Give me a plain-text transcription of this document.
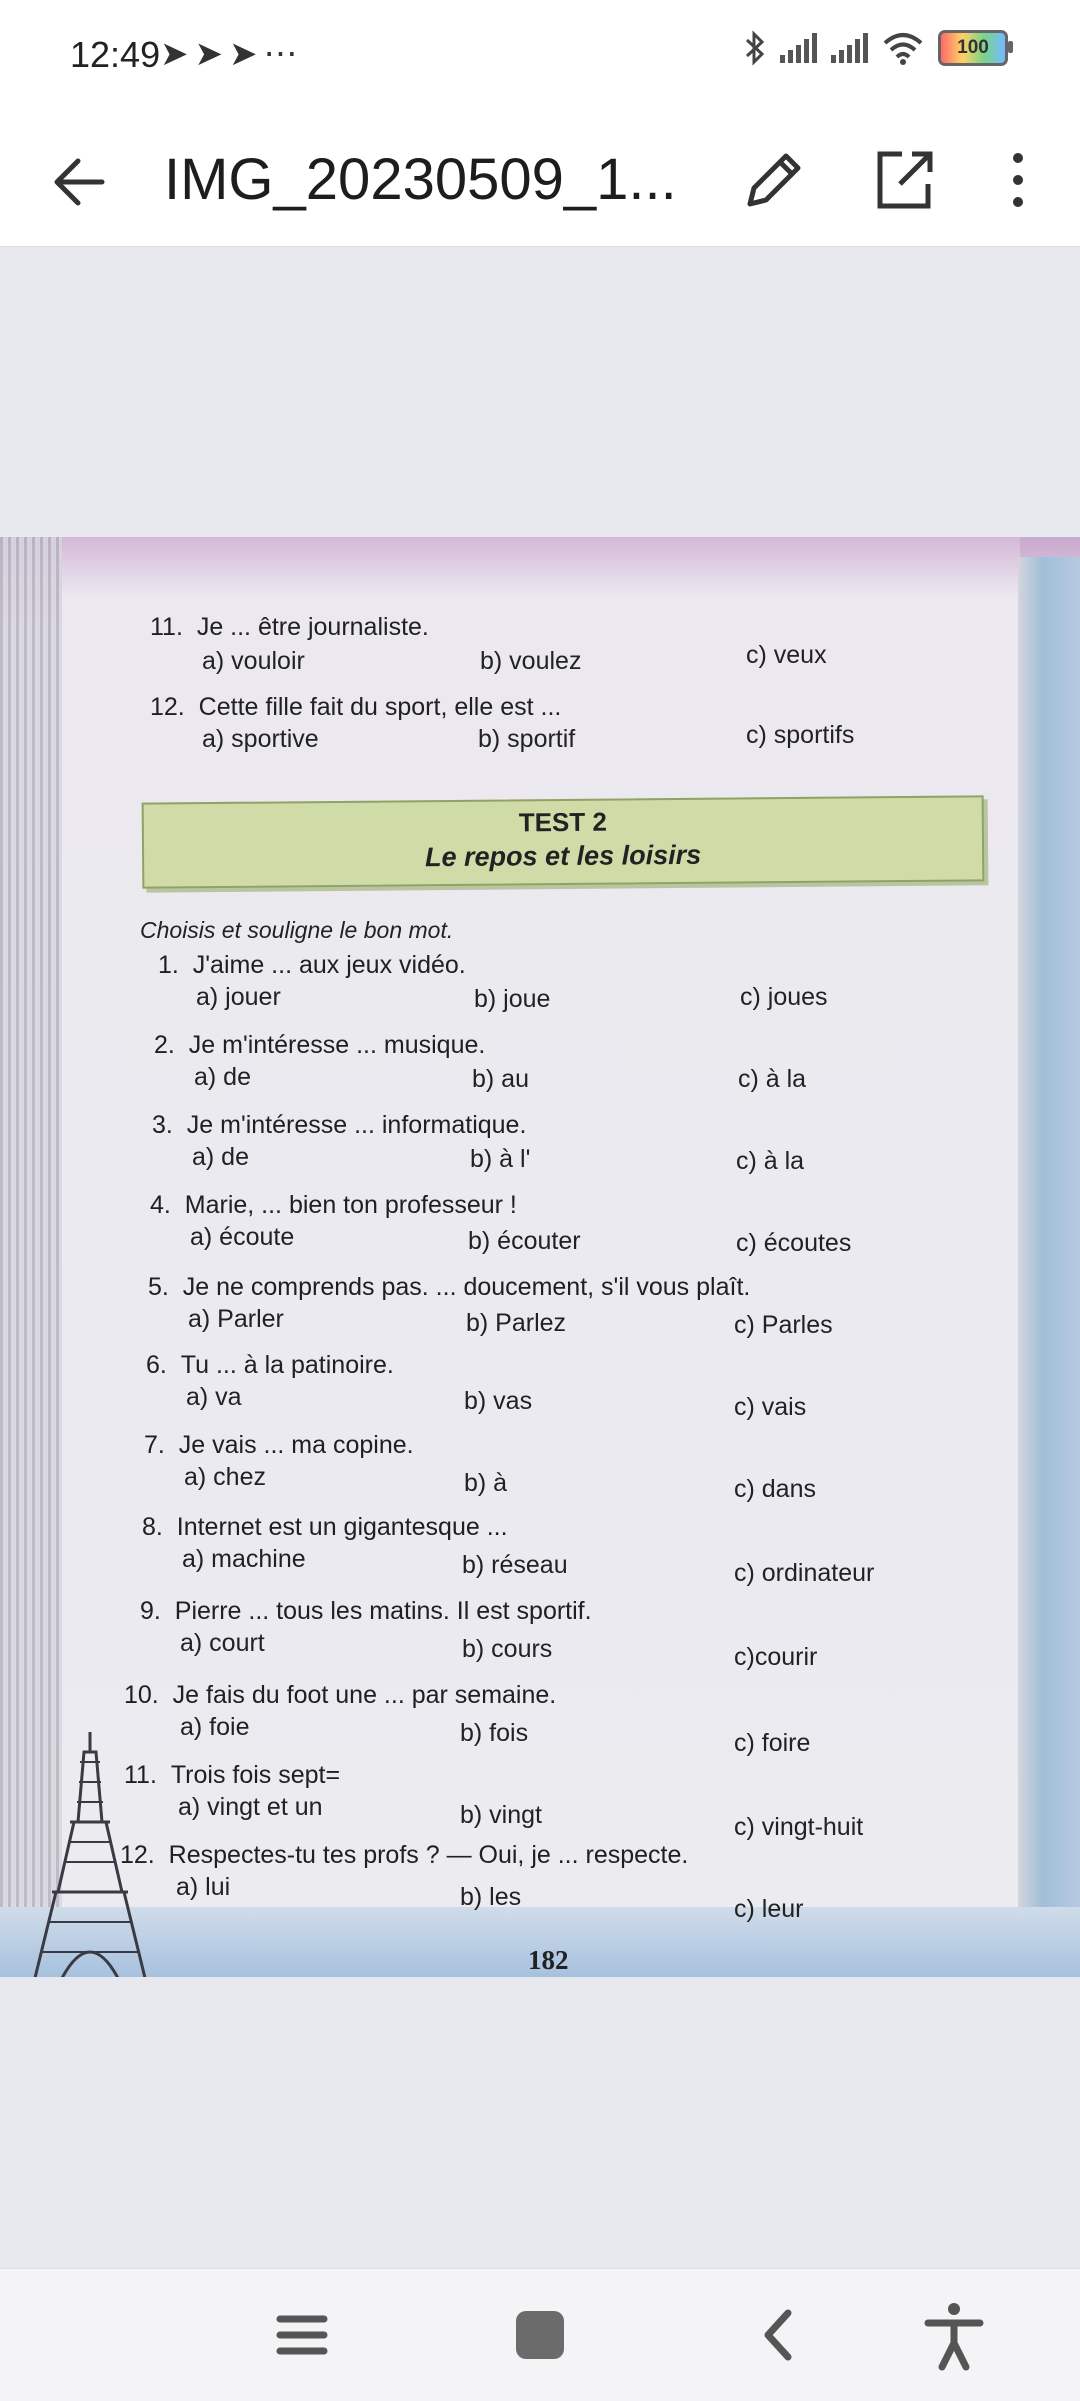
12:49 ➤➤➤⋯	100
IMG_20230509_1...
11. Je ... être journaliste.
a) vouloir	b) voulez	c) veux
12. Cette fille fait du sport, elle est ...
a) sportive	b) sportif	c) sportifs
TEST 2
Le repos et les loisirs
Choisis et souligne le bon mot.
1. J'aime ... aux jeux vidéo.
a) jouer	b) joue	c) joues
2. Je m'intéresse ... musique.
a) de	b) au	c) à la
3. Je m'intéresse ... informatique.
a) de	b) à l'	c) à la
4. Marie, ... bien ton professeur !
a) écoute	b) écouter	c) écoutes
5. Je ne comprends pas. ... doucement, s'il vous plaît.
a) Parler	b) Parlez	c) Parles
6. Tu ... à la patinoire.
a) va	b) vas	c) vais
7. Je vais ... ma copine.
a) chez	b) à	c) dans
8. Internet est un gigantesque ...
a) machine	b) réseau	c) ordinateur
9. Pierre ... tous les matins. Il est sportif.
a) court	b) cours	c)courir
10. Je fais du foot une ... par semaine.
a) foie	b) fois	c) foire
11. Trois fois sept=
a) vingt et un	b) vingt	c) vingt-huit
12. Respectes-tu tes profs ? — Oui, je ... respecte.
a) lui	b) les	c) leur
182
